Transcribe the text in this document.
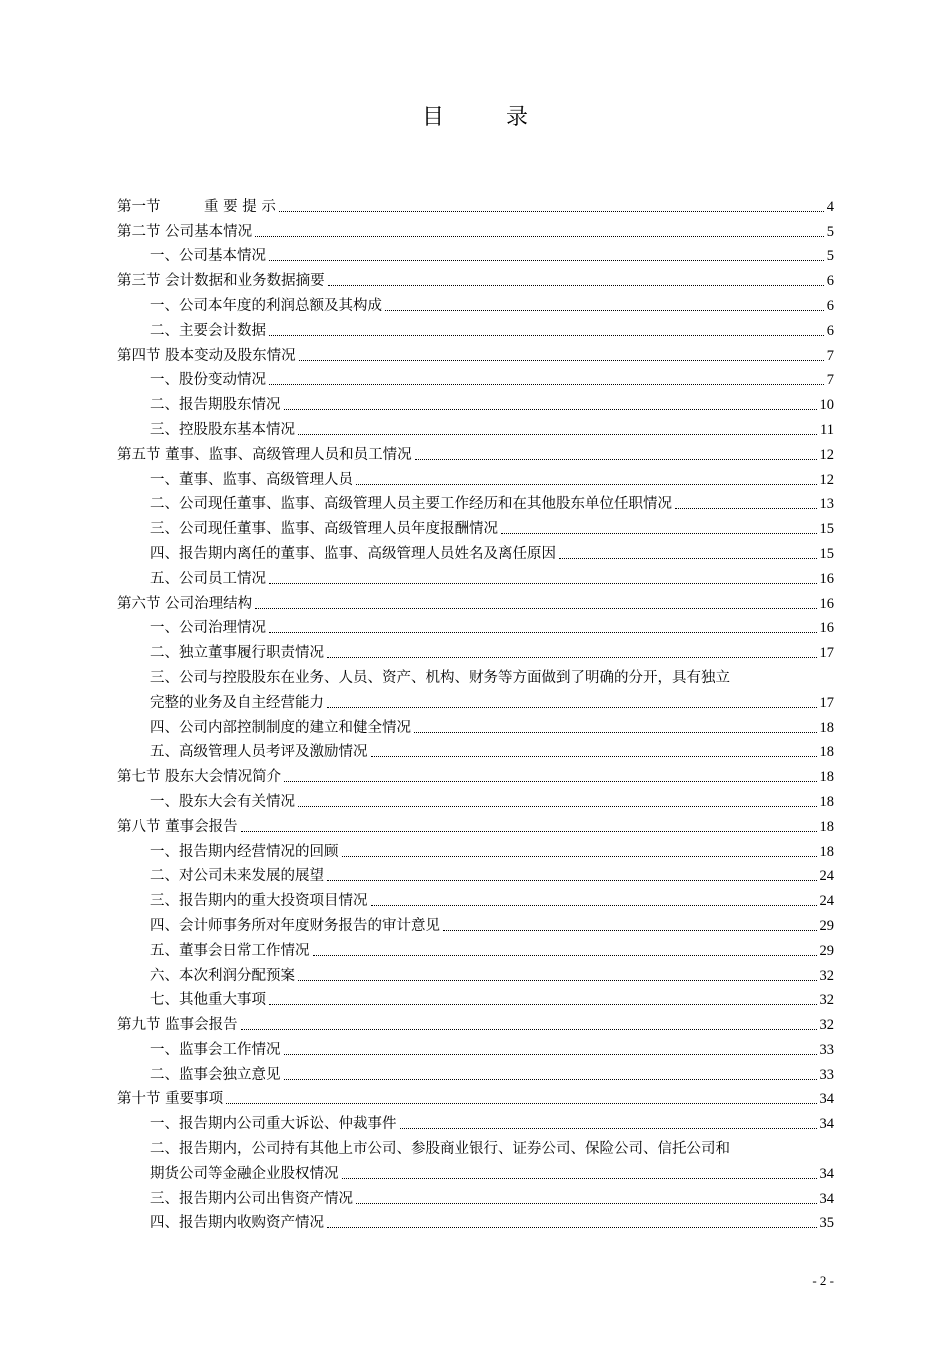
目	录
第一节　　　重 要 提 示	4
第二节 公司基本情况	5
一、公司基本情况	5
第三节 会计数据和业务数据摘要	6
一、公司本年度的利润总额及其构成	6
二、主要会计数据	6
第四节 股本变动及股东情况	7
一、股份变动情况	7
二、报告期股东情况	10
三、控股股东基本情况	11
第五节 董事、监事、高级管理人员和员工情况	12
一、董事、监事、高级管理人员	12
二、公司现任董事、监事、高级管理人员主要工作经历和在其他股东单位任职情况	13
三、公司现任董事、监事、高级管理人员年度报酬情况	15
四、报告期内离任的董事、监事、高级管理人员姓名及离任原因	15
五、公司员工情况	16
第六节 公司治理结构	16
一、公司治理情况	16
二、独立董事履行职责情况	17
三、公司与控股股东在业务、人员、资产、机构、财务等方面做到了明确的分开，具有独立
完整的业务及自主经营能力	17
四、公司内部控制制度的建立和健全情况	18
五、高级管理人员考评及激励情况	18
第七节 股东大会情况简介	18
一、股东大会有关情况	18
第八节 董事会报告	18
一、报告期内经营情况的回顾	18
二、对公司未来发展的展望	24
三、报告期内的重大投资项目情况	24
四、会计师事务所对年度财务报告的审计意见	29
五、董事会日常工作情况	29
六、本次利润分配预案	32
七、其他重大事项	32
第九节 监事会报告	32
一、监事会工作情况	33
二、监事会独立意见	33
第十节 重要事项	34
一、报告期内公司重大诉讼、仲裁事件	34
二、报告期内，公司持有其他上市公司、参股商业银行、证券公司、保险公司、信托公司和
期货公司等金融企业股权情况	34
三、报告期内公司出售资产情况	34
四、报告期内收购资产情况	35
- 2 -
